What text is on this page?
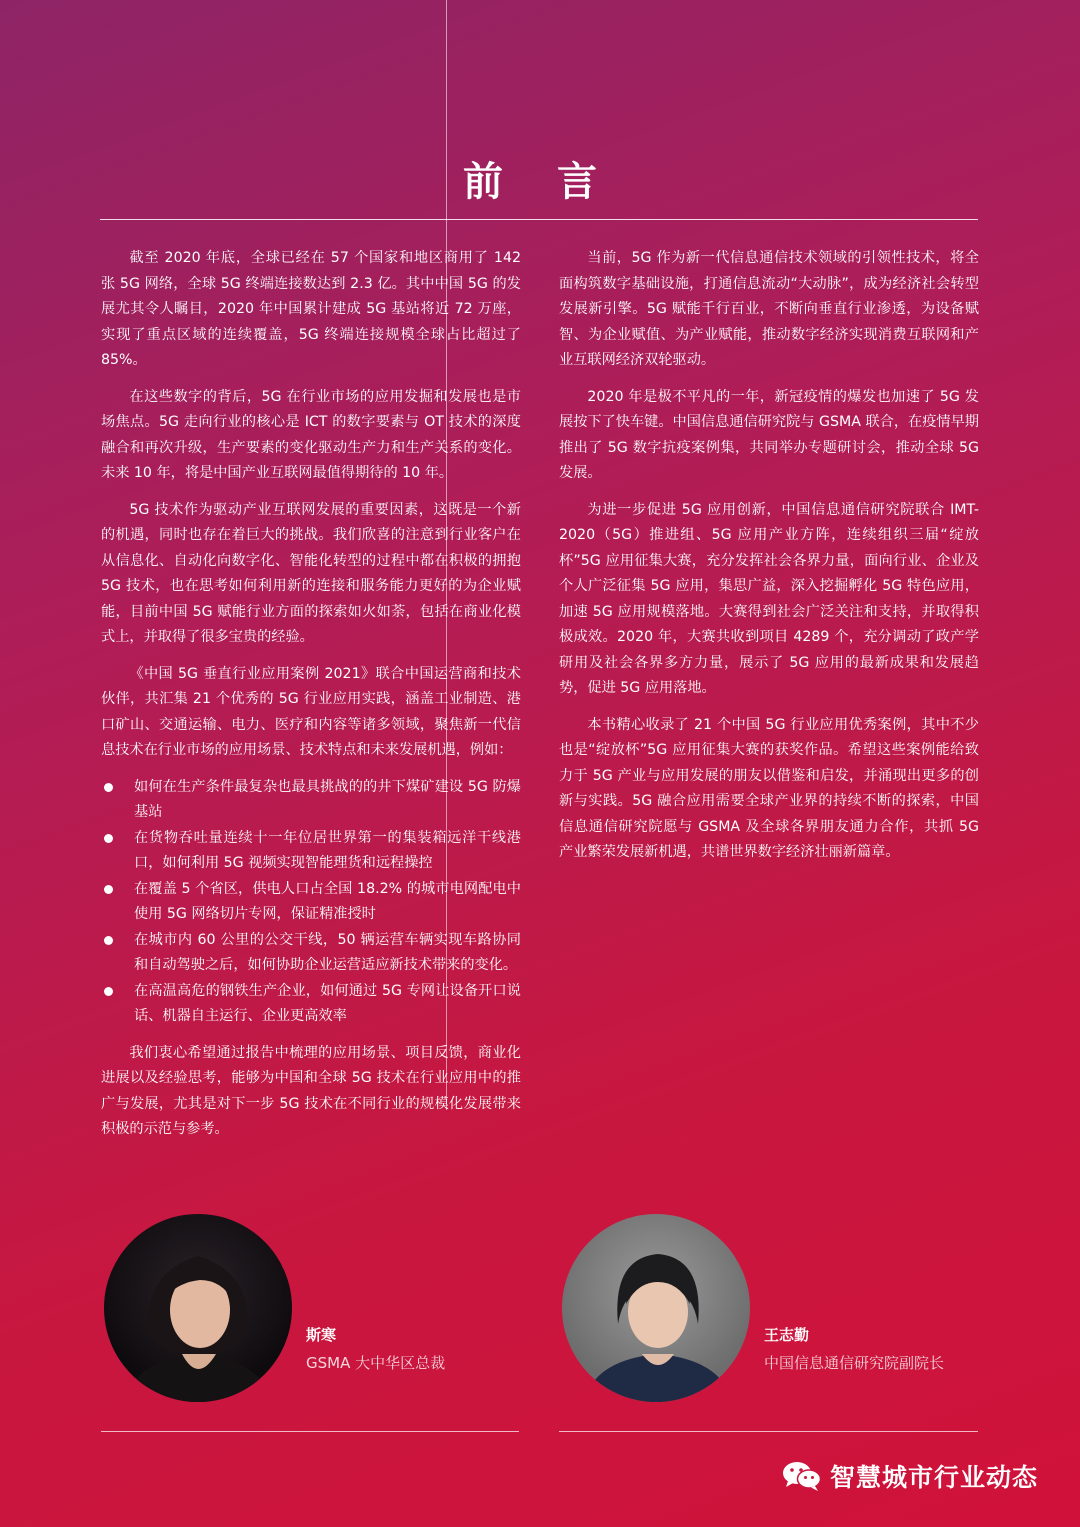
前 言

截至 2020 年底，全球已经在 57 个国家和地区商用了 142 张 5G 网络，全球 5G 终端连接数达到 2.3 亿。其中中国 5G 的发展尤其令人瞩目，2020 年中国累计建成 5G 基站将近 72 万座，实现了重点区域的连续覆盖，5G 终端连接规模全球占比超过了 85%。

在这些数字的背后，5G 在行业市场的应用发掘和发展也是市场焦点。5G 走向行业的核心是 ICT 的数字要素与 OT 技术的深度融合和再次升级，生产要素的变化驱动生产力和生产关系的变化。未来 10 年，将是中国产业互联网最值得期待的 10 年。

5G 技术作为驱动产业互联网发展的重要因素，这既是一个新的机遇，同时也存在着巨大的挑战。我们欣喜的注意到行业客户在从信息化、自动化向数字化、智能化转型的过程中都在积极的拥抱 5G 技术，也在思考如何利用新的连接和服务能力更好的为企业赋能，目前中国 5G 赋能行业方面的探索如火如荼，包括在商业化模式上，并取得了很多宝贵的经验。

《中国 5G 垂直行业应用案例 2021》联合中国运营商和技术伙伴，共汇集 21 个优秀的 5G 行业应用实践，涵盖工业制造、港口矿山、交通运输、电力、医疗和内容等诸多领域，聚焦新一代信息技术在行业市场的应用场景、技术特点和未来发展机遇，例如：

如何在生产条件最复杂也最具挑战的的井下煤矿建设 5G 防爆基站
在货物吞吐量连续十一年位居世界第一的集装箱远洋干线港口，如何利用 5G 视频实现智能理货和远程操控
在覆盖 5 个省区，供电人口占全国 18.2% 的城市电网配电中使用 5G 网络切片专网，保证精准授时
在城市内 60 公里的公交干线，50 辆运营车辆实现车路协同和自动驾驶之后，如何协助企业运营适应新技术带来的变化。
在高温高危的钢铁生产企业，如何通过 5G 专网让设备开口说话、机器自主运行、企业更高效率

我们衷心希望通过报告中梳理的应用场景、项目反馈，商业化进展以及经验思考，能够为中国和全球 5G 技术在行业应用中的推广与发展，尤其是对下一步 5G 技术在不同行业的规模化发展带来积极的示范与参考。

当前，5G 作为新一代信息通信技术领域的引领性技术，将全面构筑数字基础设施，打通信息流动“大动脉”，成为经济社会转型发展新引擎。5G 赋能千行百业，不断向垂直行业渗透，为设备赋智、为企业赋值、为产业赋能，推动数字经济实现消费互联网和产业互联网经济双轮驱动。

2020 年是极不平凡的一年，新冠疫情的爆发也加速了 5G 发展按下了快车键。中国信息通信研究院与 GSMA 联合，在疫情早期推出了 5G 数字抗疫案例集，共同举办专题研讨会，推动全球 5G 发展。

为进一步促进 5G 应用创新，中国信息通信研究院联合 IMT-2020（5G）推进组、5G 应用产业方阵，连续组织三届“绽放杯”5G 应用征集大赛，充分发挥社会各界力量，面向行业、企业及个人广泛征集 5G 应用，集思广益，深入挖掘孵化 5G 特色应用，加速 5G 应用规模落地。大赛得到社会广泛关注和支持，并取得积极成效。2020 年，大赛共收到项目 4289 个，充分调动了政产学研用及社会各界多方力量，展示了 5G 应用的最新成果和发展趋势，促进 5G 应用落地。

本书精心收录了 21 个中国 5G 行业应用优秀案例，其中不少也是“绽放杯”5G 应用征集大赛的获奖作品。希望这些案例能给致力于 5G 产业与应用发展的朋友以借鉴和启发，并涌现出更多的创新与实践。5G 融合应用需要全球产业界的持续不断的探索，中国信息通信研究院愿与 GSMA 及全球各界朋友通力合作，共抓 5G 产业繁荣发展新机遇，共谱世界数字经济壮丽新篇章。

斯寒
GSMA 大中华区总裁
王志勤
中国信息通信研究院副院长
智慧城市行业动态
